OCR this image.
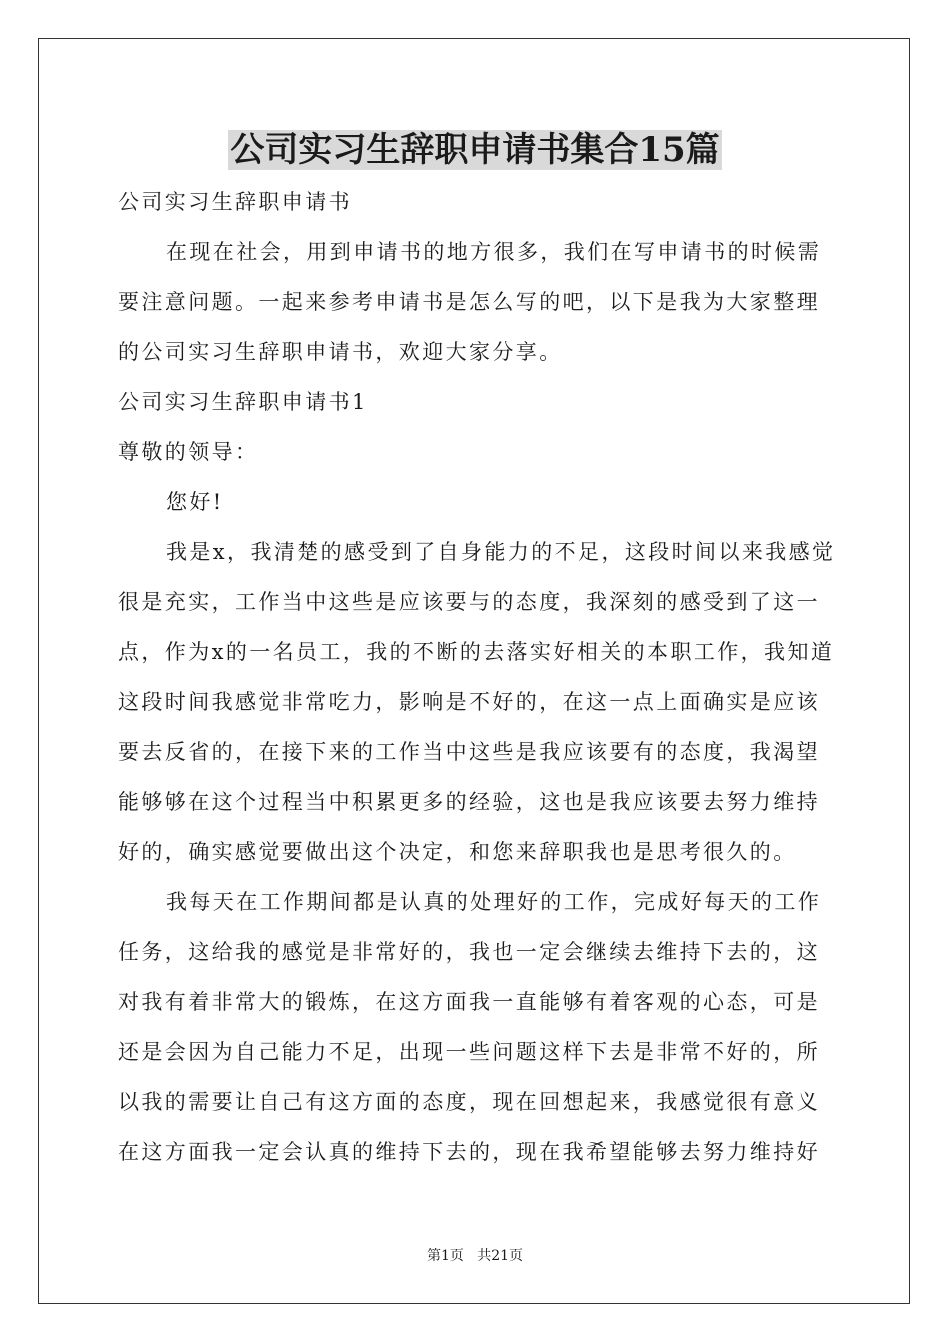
公司实习生辞职申请书集合15篇

公司实习生辞职申请书

在现在社会，用到申请书的地方很多，我们在写申请书的时候需要注意问题。一起来参考申请书是怎么写的吧，以下是我为大家整理的公司实习生辞职申请书，欢迎大家分享。

公司实习生辞职申请书1

尊敬的领导：

您好!

我是x，我清楚的感受到了自身能力的不足，这段时间以来我感觉很是充实，工作当中这些是应该要与的态度，我深刻的感受到了这一点，作为x的一名员工，我的不断的去落实好相关的本职工作，我知道这段时间我感觉非常吃力，影响是不好的，在这一点上面确实是应该要去反省的，在接下来的工作当中这些是我应该要有的态度，我渴望能够够在这个过程当中积累更多的经验，这也是我应该要去努力维持好的，确实感觉要做出这个决定，和您来辞职我也是思考很久的。

我每天在工作期间都是认真的处理好的工作，完成好每天的工作任务，这给我的感觉是非常好的，我也一定会继续去维持下去的，这对我有着非常大的锻炼，在这方面我一直能够有着客观的心态，可是还是会因为自己能力不足，出现一些问题这样下去是非常不好的，所以我的需要让自己有这方面的态度，现在回想起来，我感觉很有意义在这方面我一定会认真的维持下去的，现在我希望能够去努力维持好

第1页   共21页
